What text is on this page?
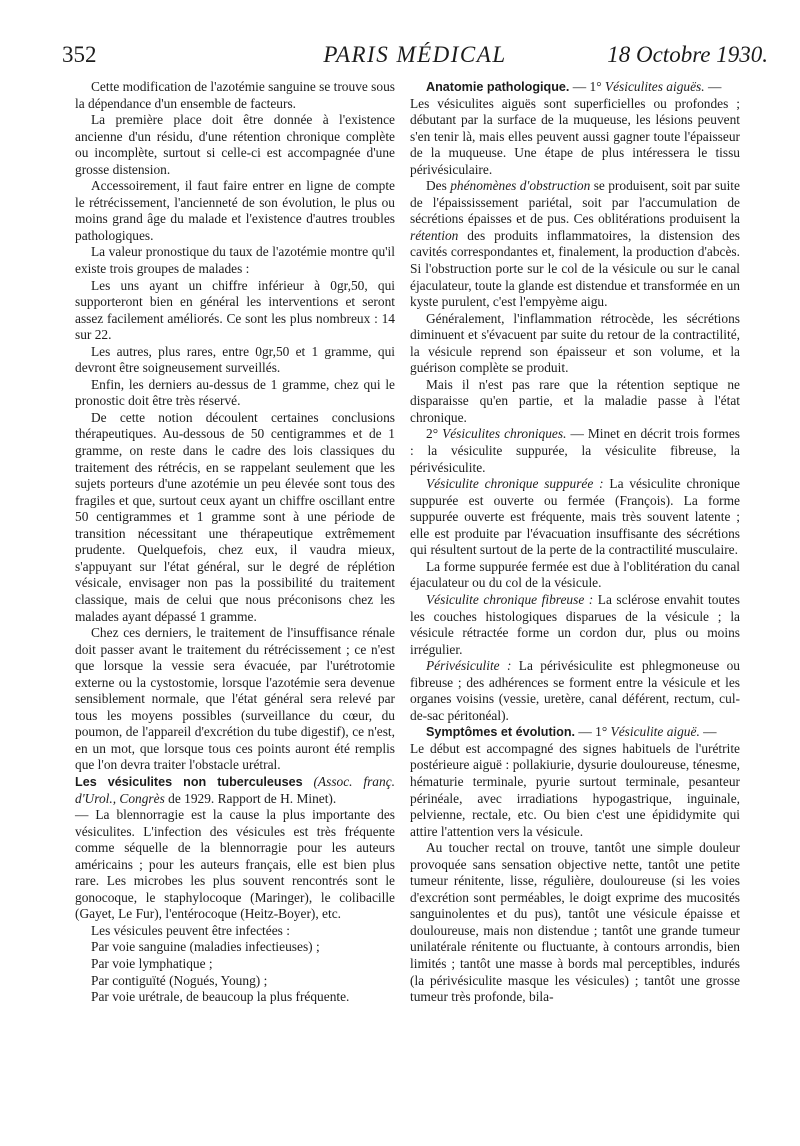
352	PARIS MÉDICAL	18 Octobre 1930.

Cette modification de l'azotémie sanguine se trouve sous la dépendance d'un ensemble de facteurs.

La première place doit être donnée à l'existence ancienne d'un résidu, d'une rétention chronique complète ou incomplète, surtout si celle-ci est accompagnée d'une grosse distension.

Accessoirement, il faut faire entrer en ligne de compte le rétrécissement, l'ancienneté de son évolution, le plus ou moins grand âge du malade et l'existence d'autres troubles pathologiques.

La valeur pronostique du taux de l'azotémie montre qu'il existe trois groupes de malades :

Les uns ayant un chiffre inférieur à 0gr,50, qui supporteront bien en général les interventions et seront assez facilement améliorés. Ce sont les plus nombreux : 14 sur 22.

Les autres, plus rares, entre 0gr,50 et 1 gramme, qui devront être soigneusement surveillés.

Enfin, les derniers au-dessus de 1 gramme, chez qui le pronostic doit être très réservé.

De cette notion découlent certaines conclusions thérapeutiques. Au-dessous de 50 centigrammes et de 1 gramme, on reste dans le cadre des lois classiques du traitement des rétrécis, en se rappelant seulement que les sujets porteurs d'une azotémie un peu élevée sont tous des fragiles et que, surtout ceux ayant un chiffre oscillant entre 50 centigrammes et 1 gramme sont à une période de transition nécessitant une thérapeutique extrêmement prudente. Quelquefois, chez eux, il vaudra mieux, s'appuyant sur l'état général, sur le degré de réplétion vésicale, envisager non pas la possibilité du traitement classique, mais de celui que nous préconisons chez les malades ayant dépassé 1 gramme.

Chez ces derniers, le traitement de l'insuffisance rénale doit passer avant le traitement du rétrécissement ; ce n'est que lorsque la vessie sera évacuée, par l'urétrotomie externe ou la cystostomie, lorsque l'azotémie sera devenue sensiblement normale, que l'état général sera relevé par tous les moyens possibles (surveillance du cœur, du poumon, de l'appareil d'excrétion du tube digestif), ce n'est, en un mot, que lorsque tous ces points auront été remplis que l'on devra traiter l'obstacle urétral.

Les vésiculites non tuberculeuses (Assoc. franç. d'Urol., Congrès de 1929. Rapport de H. Minet).

— La blennorragie est la cause la plus importante des vésiculites. L'infection des vésicules est très fréquente comme séquelle de la blennorragie pour les auteurs américains ; pour les auteurs français, elle est bien plus rare. Les microbes les plus souvent rencontrés sont le gonocoque, le staphylocoque (Maringer), le colibacille (Gayet, Le Fur), l'entérocoque (Heitz-Boyer), etc.

Les vésicules peuvent être infectées :

Par voie sanguine (maladies infectieuses) ;

Par voie lymphatique ;

Par contiguïté (Nogués, Young) ;

Par voie urétrale, de beaucoup la plus fréquente.

Anatomie pathologique. — 1° Vésiculites aiguës. —

Les vésiculites aiguës sont superficielles ou profondes ; débutant par la surface de la muqueuse, les lésions peuvent s'en tenir là, mais elles peuvent aussi gagner toute l'épaisseur de la muqueuse. Une étape de plus intéressera le tissu périvésiculaire.

Des phénomènes d'obstruction se produisent, soit par suite de l'épaississement pariétal, soit par l'accumulation de sécrétions épaisses et de pus. Ces oblitérations produisent la rétention des produits inflammatoires, la distension des cavités correspondantes et, finalement, la production d'abcès. Si l'obstruction porte sur le col de la vésicule ou sur le canal éjaculateur, toute la glande est distendue et transformée en un kyste purulent, c'est l'empyème aigu.

Généralement, l'inflammation rétrocède, les sécrétions diminuent et s'évacuent par suite du retour de la contractilité, la vésicule reprend son épaisseur et son volume, et la guérison complète se produit.

Mais il n'est pas rare que la rétention septique ne disparaisse qu'en partie, et la maladie passe à l'état chronique.

2° Vésiculites chroniques. — Minet en décrit trois formes : la vésiculite suppurée, la vésiculite fibreuse, la périvésiculite.

Vésiculite chronique suppurée : La vésiculite chronique suppurée est ouverte ou fermée (François). La forme suppurée ouverte est fréquente, mais très souvent latente ; elle est produite par l'évacuation insuffisante des sécrétions qui résultent surtout de la perte de la contractilité musculaire.

La forme suppurée fermée est due à l'oblitération du canal éjaculateur ou du col de la vésicule.

Vésiculite chronique fibreuse : La sclérose envahit toutes les couches histologiques disparues de la vésicule ; la vésicule rétractée forme un cordon dur, plus ou moins irrégulier.

Périvésiculite : La périvésiculite est phlegmoneuse ou fibreuse ; des adhérences se forment entre la vésicule et les organes voisins (vessie, uretère, canal déférent, rectum, cul-de-sac péritonéal).

Symptômes et évolution. — 1° Vésiculite aiguë. —

Le début est accompagné des signes habituels de l'urétrite postérieure aiguë : pollakiurie, dysurie douloureuse, ténesme, hématurie terminale, pyurie surtout terminale, pesanteur périnéale, avec irradiations hypogastrique, inguinale, pelvienne, rectale, etc. Ou bien c'est une épididymite qui attire l'attention vers la vésicule.

Au toucher rectal on trouve, tantôt une simple douleur provoquée sans sensation objective nette, tantôt une petite tumeur rénitente, lisse, régulière, douloureuse (si les voies d'excrétion sont perméables, le doigt exprime des mucosités sanguinolentes et du pus), tantôt une vésicule épaisse et douloureuse, mais non distendue ; tantôt une grande tumeur unilatérale rénitente ou fluctuante, à contours arrondis, bien limités ; tantôt une masse à bords mal perceptibles, indurés (la périvésiculite masque les vésicules) ; tantôt une grosse tumeur très profonde, bila-
